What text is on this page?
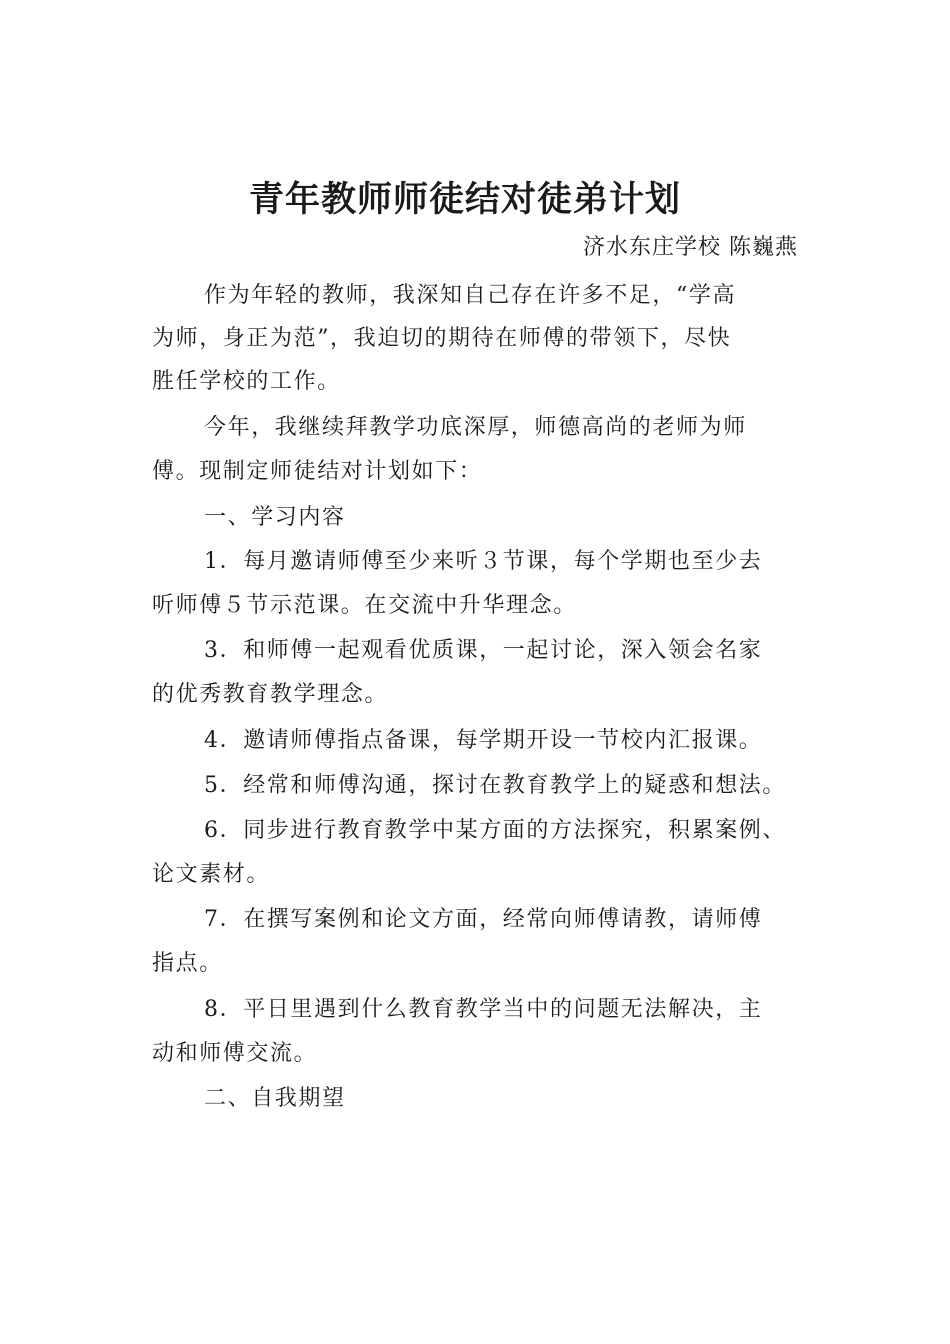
青年教师师徒结对徒弟计划

济水东庄学校 陈巍燕

作为年轻的教师，我深知自己存在许多不足，“学高

为师，身正为范”，我迫切的期待在师傅的带领下，尽快

胜任学校的工作。

今年，我继续拜教学功底深厚，师德高尚的老师为师

傅。现制定师徒结对计划如下：

一、学习内容

1．每月邀请师傅至少来听３节课，每个学期也至少去

听师傅５节示范课。在交流中升华理念。

3．和师傅一起观看优质课，一起讨论，深入领会名家

的优秀教育教学理念。

4．邀请师傅指点备课，每学期开设一节校内汇报课。

5．经常和师傅沟通，探讨在教育教学上的疑惑和想法。

6．同步进行教育教学中某方面的方法探究，积累案例、

论文素材。

7．在撰写案例和论文方面，经常向师傅请教，请师傅

指点。

8．平日里遇到什么教育教学当中的问题无法解决，主

动和师傅交流。

二、自我期望
